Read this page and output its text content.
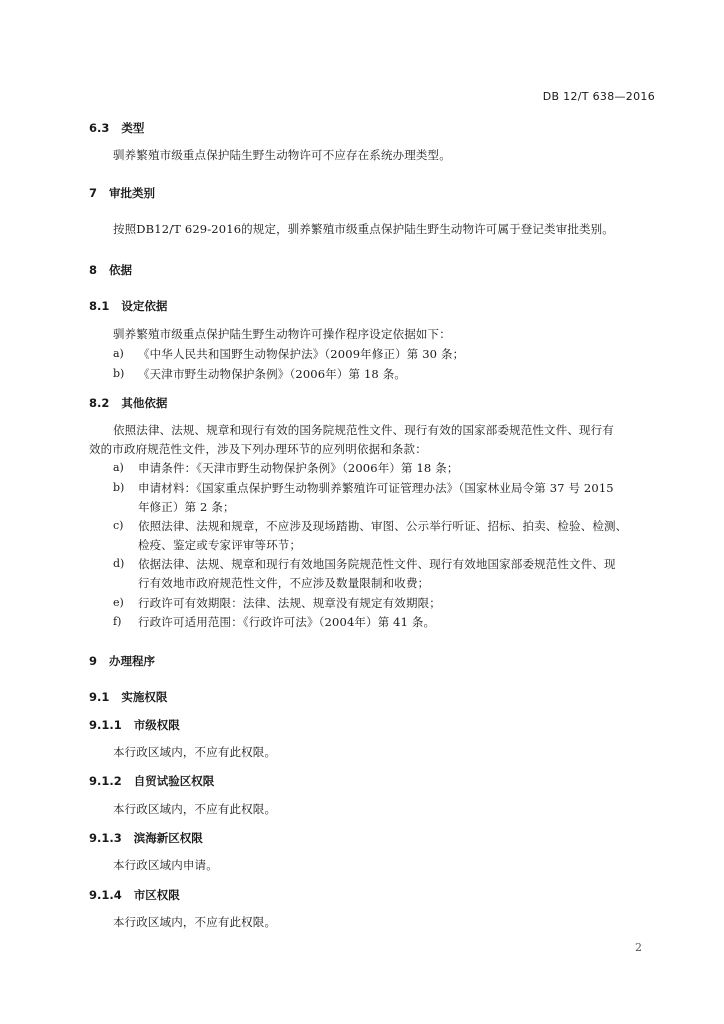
DB 12/T 638—2016
6.3 类型
驯养繁殖市级重点保护陆生野生动物许可不应存在系统办理类型。
7 审批类别
按照DB12/T 629-2016的规定，驯养繁殖市级重点保护陆生野生动物许可属于登记类审批类别。
8 依据
8.1 设定依据
驯养繁殖市级重点保护陆生野生动物许可操作程序设定依据如下：
a) 《中华人民共和国野生动物保护法》（2009年修正）第 30 条；
b) 《天津市野生动物保护条例》（2006年）第 18 条。
8.2 其他依据
依照法律、法规、规章和现行有效的国务院规范性文件、现行有效的国家部委规范性文件、现行有
效的市政府规范性文件，涉及下列办理环节的应列明依据和条款：
a) 申请条件：《天津市野生动物保护条例》（2006年）第 18 条；
b) 申请材料：《国家重点保护野生动物驯养繁殖许可证管理办法》（国家林业局令第 37 号 2015
年修正）第 2 条；
c) 依照法律、法规和规章，不应涉及现场踏勘、审图、公示举行听证、招标、拍卖、检验、检测、
检疫、鉴定或专家评审等环节；
d) 依据法律、法规、规章和现行有效地国务院规范性文件、现行有效地国家部委规范性文件、现
行有效地市政府规范性文件，不应涉及数量限制和收费；
e) 行政许可有效期限：法律、法规、规章没有规定有效期限；
f) 行政许可适用范围：《行政许可法》（2004年）第 41 条。
9 办理程序
9.1 实施权限
9.1.1 市级权限
本行政区域内，不应有此权限。
9.1.2 自贸试验区权限
本行政区域内，不应有此权限。
9.1.3 滨海新区权限
本行政区域内申请。
9.1.4 市区权限
本行政区域内，不应有此权限。
2
